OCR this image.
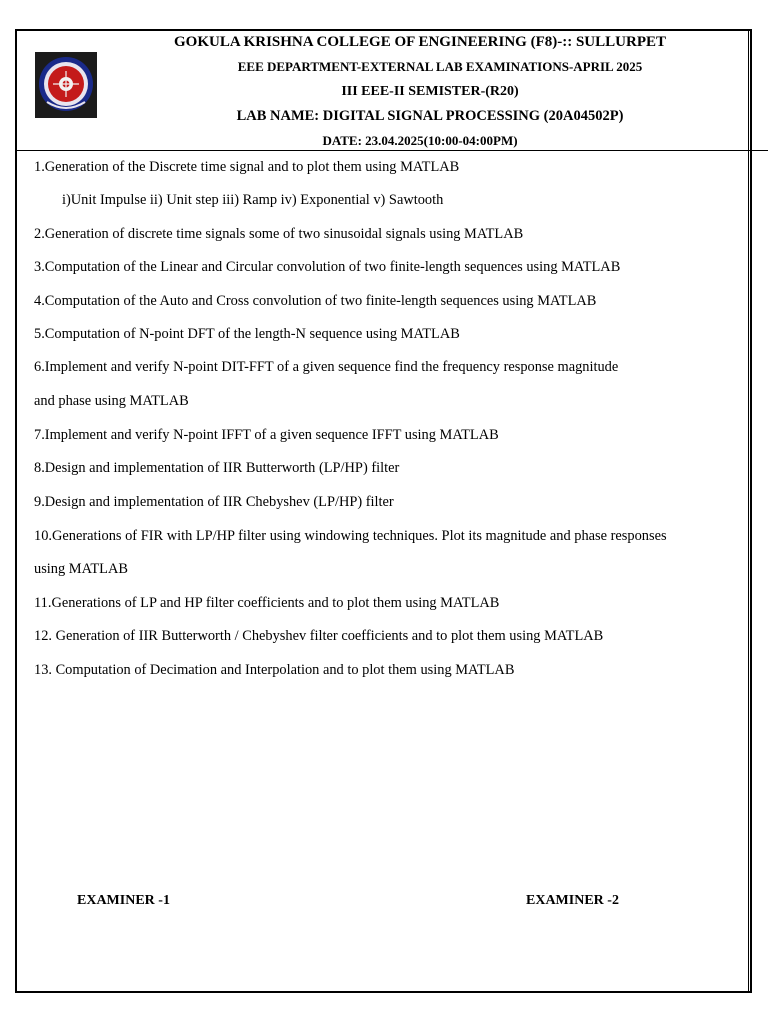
GOKULA KRISHNA COLLEGE OF ENGINEERING (F8)-:: SULLURPET
EEE DEPARTMENT-EXTERNAL LAB EXAMINATIONS-APRIL 2025
III EEE-II SEMISTER-(R20)
LAB NAME: DIGITAL SIGNAL PROCESSING (20A04502P)
DATE: 23.04.2025(10:00-04:00PM)
1.Generation of the Discrete time signal and to plot them using MATLAB
i)Unit Impulse ii) Unit step iii) Ramp iv) Exponential v) Sawtooth
2.Generation of discrete time signals some of two sinusoidal signals using MATLAB
3.Computation of the Linear and Circular convolution of two finite-length sequences using MATLAB
4.Computation of the Auto and Cross convolution of two finite-length sequences using MATLAB
5.Computation of N-point DFT of the length-N sequence using MATLAB
6.Implement and verify N-point DIT-FFT of a given sequence find the frequency response magnitude
and phase using MATLAB
7.Implement and verify N-point IFFT of a given sequence IFFT using MATLAB
8.Design and implementation of IIR Butterworth (LP/HP) filter
9.Design and implementation of IIR Chebyshev (LP/HP) filter
10.Generations of FIR with LP/HP filter using windowing techniques. Plot its magnitude and phase responses
using MATLAB
11.Generations of LP and HP filter coefficients and to plot them using MATLAB
12. Generation of IIR Butterworth / Chebyshev filter coefficients and to plot them using MATLAB
13. Computation of Decimation and Interpolation and to plot them using MATLAB
EXAMINER -1	EXAMINER -2
